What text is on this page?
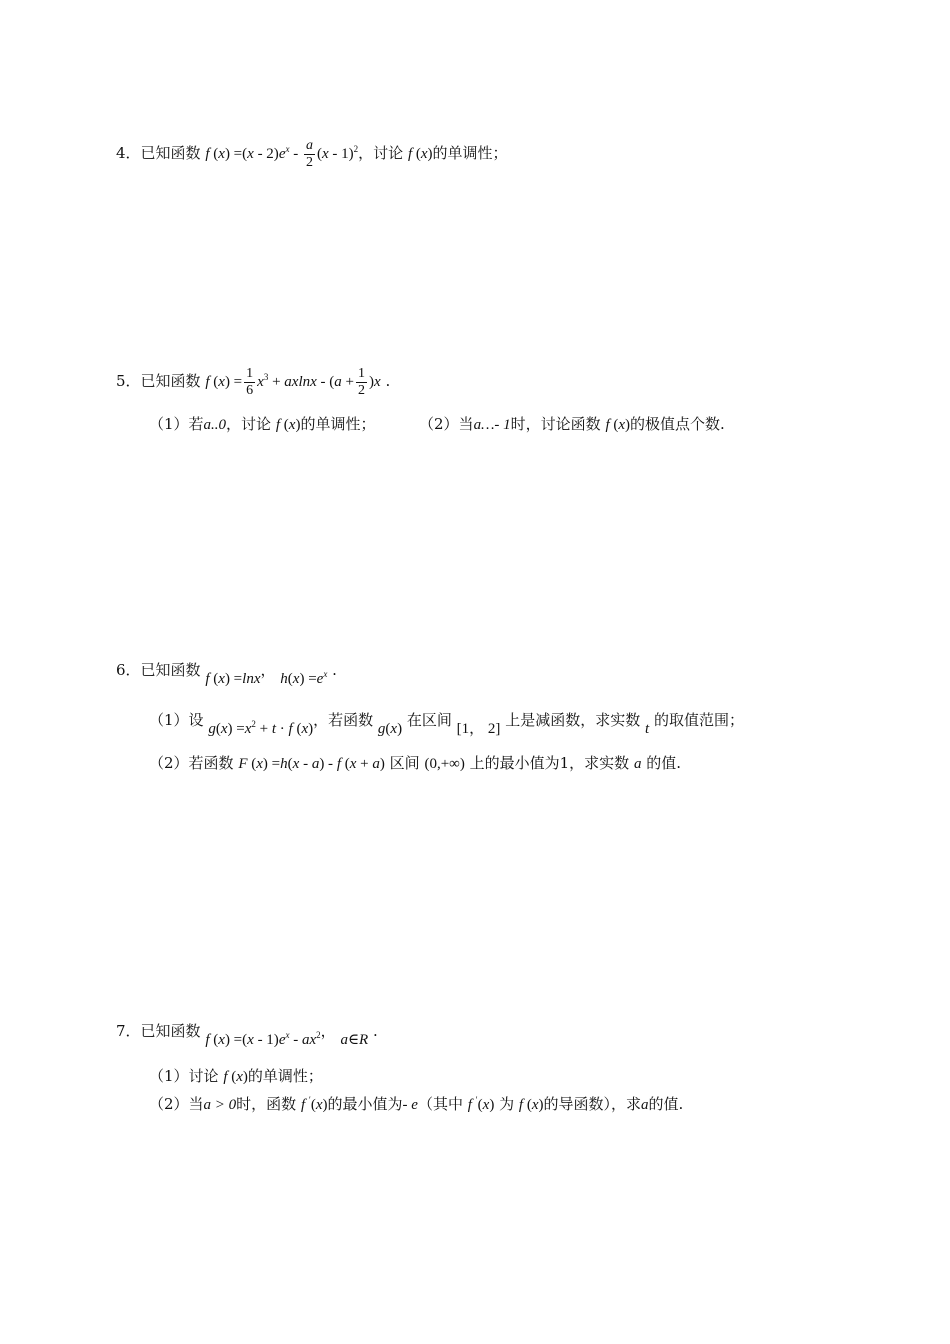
4．已知函数 f $(x) =(x - 2)e^x - \frac{a}{2} (x - 1)^2$，讨论 f (x)的单调性；
5．已知函数 f $(x) = \frac{1}{6} x^3 + axlnx - (a + \frac{1}{2} )x$ .
（1）若a..0，讨论 f (x)的单调性；	（2）当a…- 1时，讨论函数 f (x)的极值点个数.
6．已知函数 f (x) =lnx， $h(x) =e^x$ .
（1）设 $g(x) =x^2 + t \cdot f$ (x)，若函数 g(x) 在区间 [1， 2] 上是减函数，求实数 t 的取值范围；
（2）若函数 F (x) =h(x - a) - f (x + a) 区间 (0,+∞) 上的最小值为1，求实数 a 的值.
7．已知函数 f $(x) =(x - 1)e^x - ax^2$， a∈R .
（1）讨论 f (x)的单调性；
（2）当a > 0时，函数 f ′(x)的最小值为- e（其中 f ′(x) 为 f (x)的导函数），求a的值.
